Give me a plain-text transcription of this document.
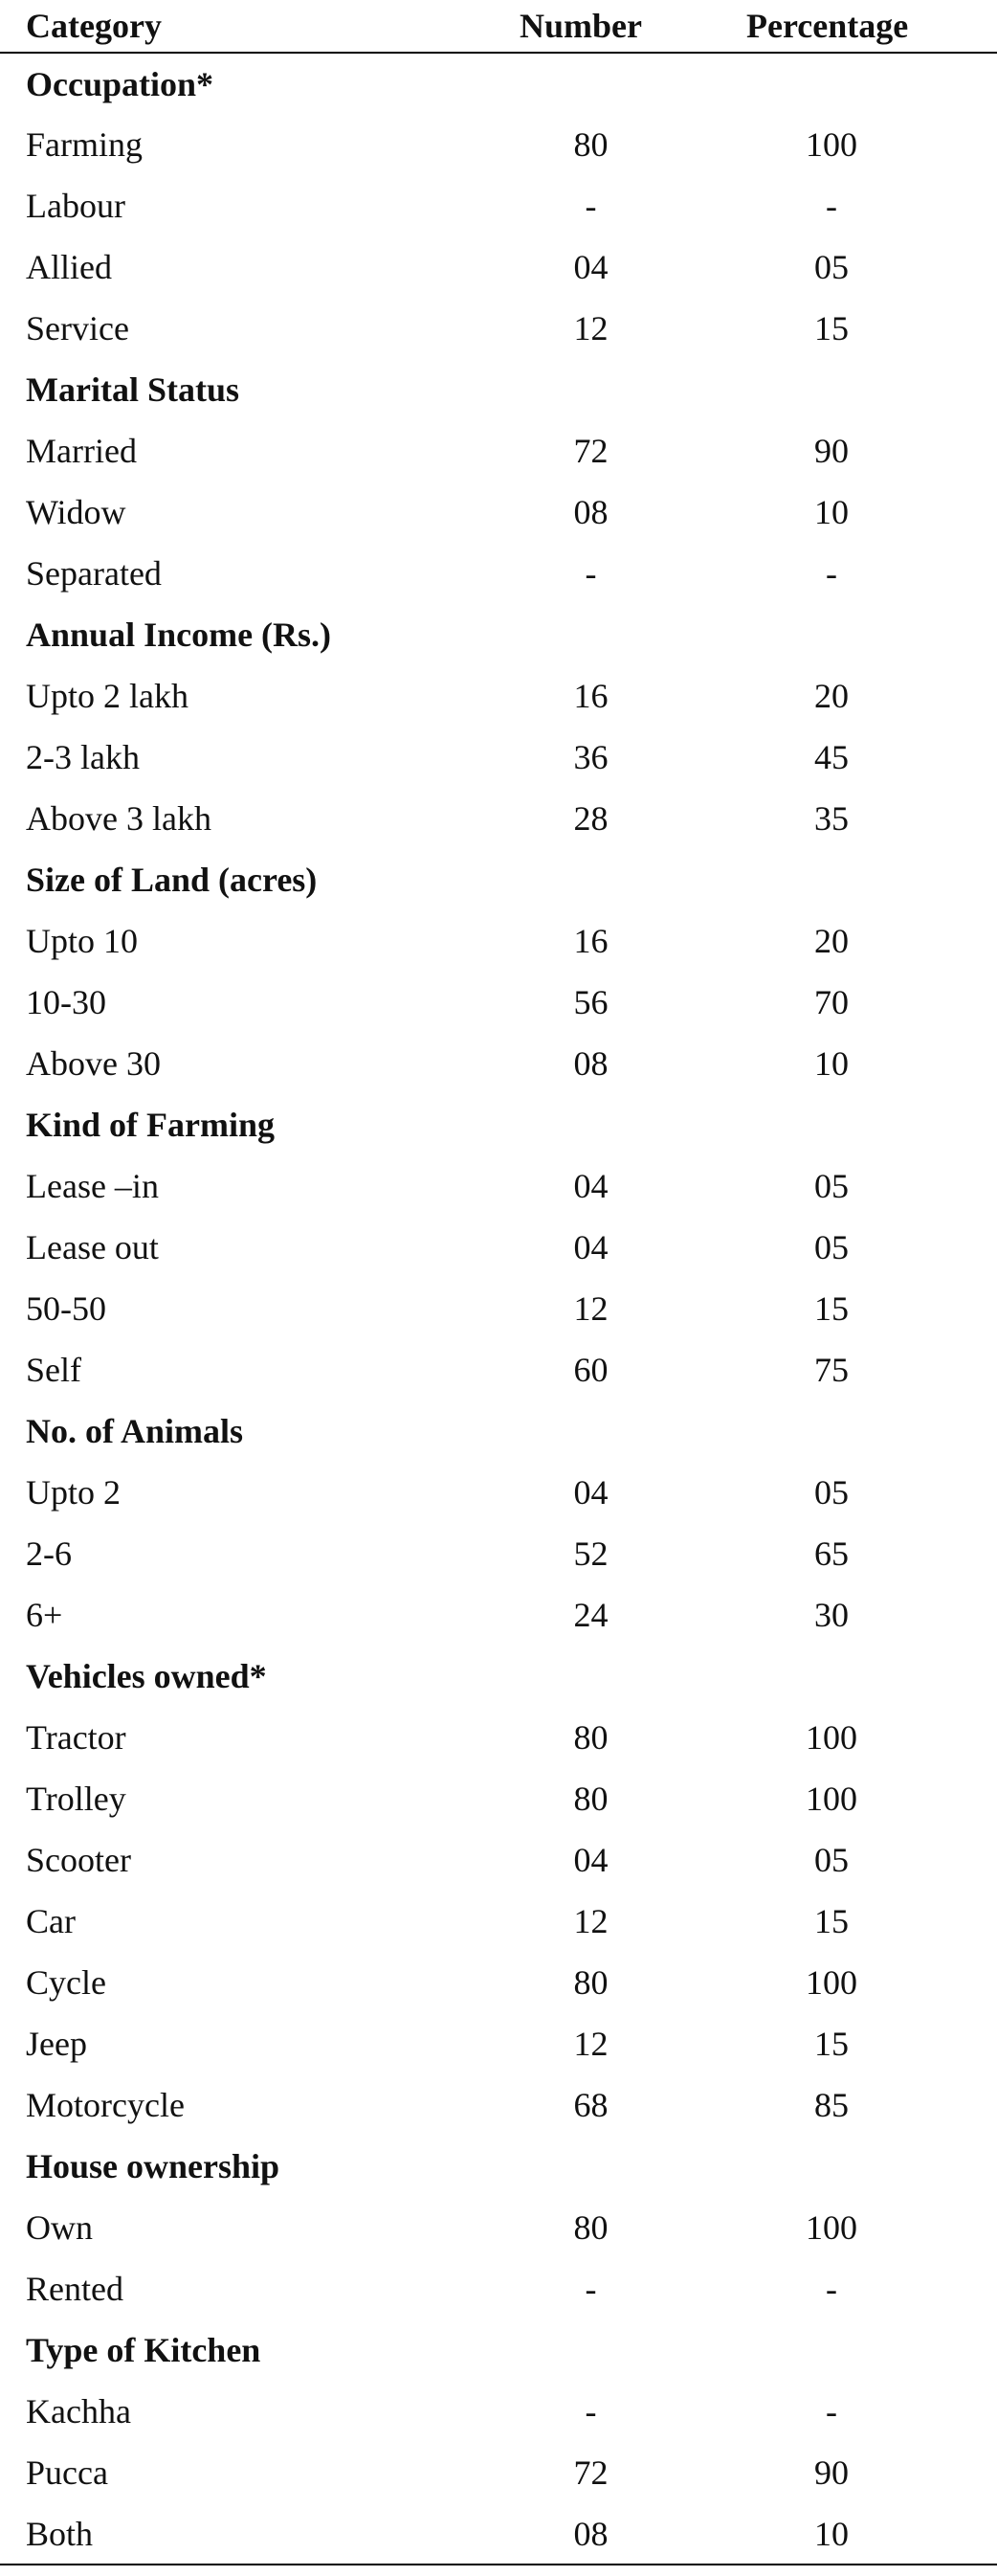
Category	Number	Percentage
Occupation*		
Farming	80	100
Labour	-	-
Allied	04	05
Service	12	15
Marital Status		
Married	72	90
Widow	08	10
Separated	-	-
Annual Income (Rs.)		
Upto 2 lakh	16	20
2-3 lakh	36	45
Above 3 lakh	28	35
Size of Land (acres)		
Upto 10	16	20
10-30	56	70
Above 30	08	10
Kind of Farming		
Lease –in	04	05
Lease out	04	05
50-50	12	15
Self	60	75
No. of Animals		
Upto 2	04	05
2-6	52	65
6+	24	30
Vehicles owned*		
Tractor	80	100
Trolley	80	100
Scooter	04	05
Car	12	15
Cycle	80	100
Jeep	12	15
Motorcycle	68	85
House ownership		
Own	80	100
Rented	-	-
Type of Kitchen		
Kachha	-	-
Pucca	72	90
Both	08	10
